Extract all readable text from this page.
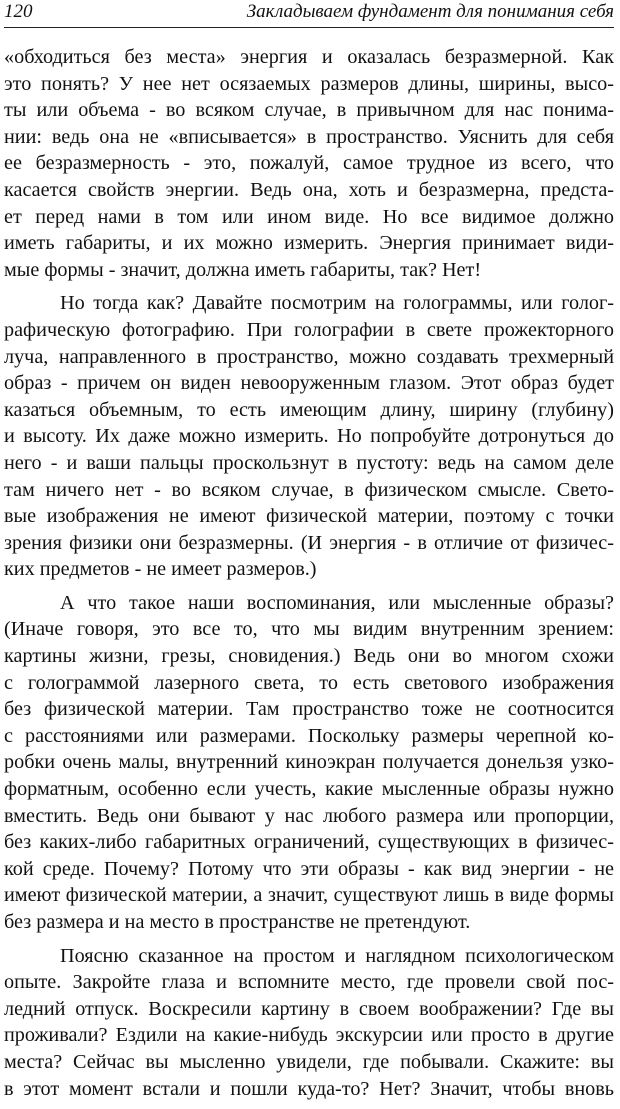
120	Закладываем фундамент для понимания себя
«обходиться без места» энергия и оказалась безразмерной. Как
это понять? У нее нет осязаемых размеров длины, ширины, высо-
ты или объема - во всяком случае, в привычном для нас понима-
нии: ведь она не «вписывается» в пространство. Уяснить для себя
ее безразмерность - это, пожалуй, самое трудное из всего, что
касается свойств энергии. Ведь она, хоть и безразмерна, предста-
ет перед нами в том или ином виде. Но все видимое должно
иметь габариты, и их можно измерить. Энергия принимает види-
мые формы - значит, должна иметь габариты, так? Нет!
Но тогда как? Давайте посмотрим на голограммы, или голог-
рафическую фотографию. При голографии в свете прожекторного
луча, направленного в пространство, можно создавать трехмерный
образ - причем он виден невооруженным глазом. Этот образ будет
казаться объемным, то есть имеющим длину, ширину (глубину)
и высоту. Их даже можно измерить. Но попробуйте дотронуться до
него - и ваши пальцы проскользнут в пустоту: ведь на самом деле
там ничего нет - во всяком случае, в физическом смысле. Свето-
вые изображения не имеют физической материи, поэтому с точки
зрения физики они безразмерны. (И энергия - в отличие от физичес-
ких предметов - не имеет размеров.)
А что такое наши воспоминания, или мысленные образы?
(Иначе говоря, это все то, что мы видим внутренним зрением:
картины жизни, грезы, сновидения.) Ведь они во многом схожи
с голограммой лазерного света, то есть светового изображения
без физической материи. Там пространство тоже не соотносится
с расстояниями или размерами. Поскольку размеры черепной ко-
робки очень малы, внутренний киноэкран получается донельзя узко-
форматным, особенно если учесть, какие мысленные образы нужно
вместить. Ведь они бывают у нас любого размера или пропорции,
без каких-либо габаритных ограничений, существующих в физичес-
кой среде. Почему? Потому что эти образы - как вид энергии - не
имеют физической материи, а значит, существуют лишь в виде формы
без размера и на место в пространстве не претендуют.
Поясню сказанное на простом и наглядном психологическом
опыте. Закройте глаза и вспомните место, где провели свой пос-
ледний отпуск. Воскресили картину в своем воображении? Где вы
проживали? Ездили на какие-нибудь экскурсии или просто в другие
места? Сейчас вы мысленно увидели, где побывали. Скажите: вы
в этот момент встали и пошли куда-то? Нет? Значит, чтобы вновь
